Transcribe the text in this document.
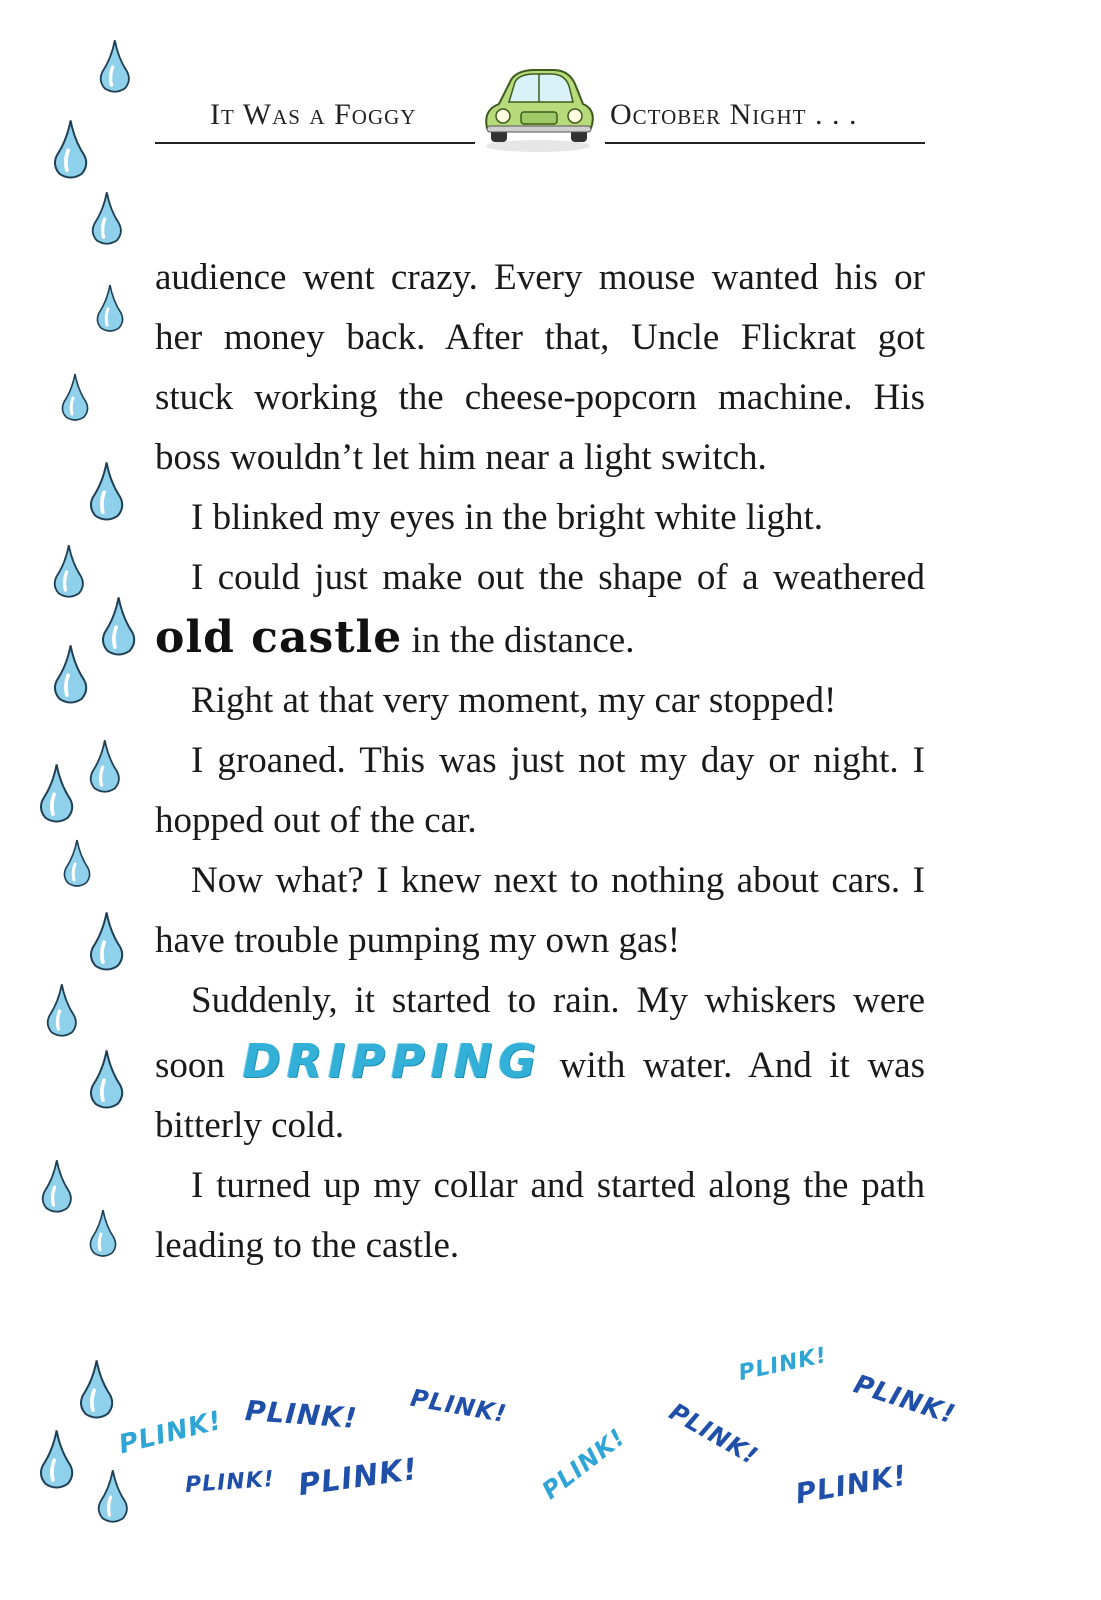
It Was a Foggy	October Night . . .

audience went crazy. Every mouse wanted his or her money back. After that, Uncle Flickrat got stuck working the cheese-popcorn machine. His boss wouldn’t let him near a light switch.

I blinked my eyes in the bright white light.

I could just make out the shape of a weathered old castle in the distance.

Right at that very moment, my car stopped!

I groaned. This was just not my day or night. I hopped out of the car.

Now what? I knew next to nothing about cars. I have trouble pumping my own gas!

Suddenly, it started to rain. My whiskers were soon DRIPPING with water. And it was bitterly cold.

I turned up my collar and started along the path leading to the castle.

PLINK! PLINK! PLINK!
PLINK! PLINK!	PLINK! PLINK!
PLINK!
PLINK!
PLINK!
